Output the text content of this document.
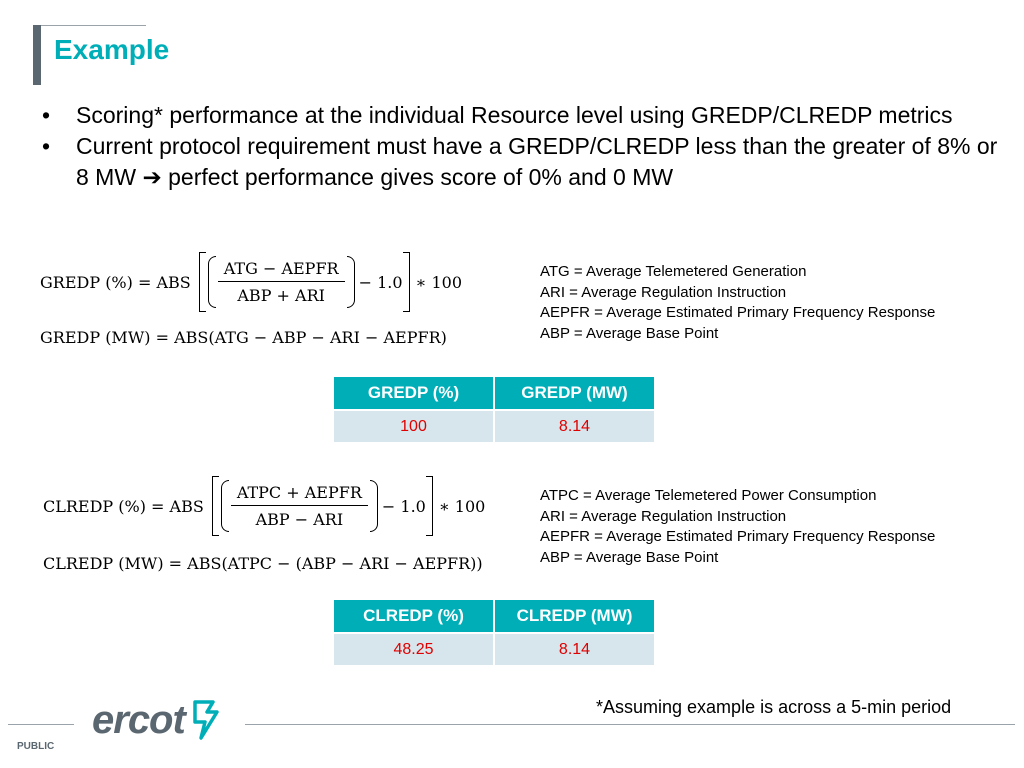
Example
• Scoring* performance at the individual Resource level using GREDP/CLREDP metrics
• Current protocol requirement must have a GREDP/CLREDP less than the greater of 8% or 8 MW ➔ perfect performance gives score of 0% and 0 MW
GREDP (%) = ABS $\frac{\text{ATG − AEPFR}}{\text{ABP + ARI}} - 1.0$ ∗ 100
GREDP (MW) = ABS(ATG − ABP − ARI − AEPFR)
ATG = Average Telemetered Generation
ARI = Average Regulation Instruction
AEPFR = Average Estimated Primary Frequency Response
ABP = Average Base Point
GREDP (%)	GREDP (MW)
100	8.14
CLREDP (%) = ABS $\frac{\text{ATPC + AEPFR}}{\text{ABP − ARI}} - 1.0$ ∗ 100
CLREDP (MW) = ABS(ATPC − (ABP − ARI − AEPFR))
ATPC = Average Telemetered Power Consumption
ARI = Average Regulation Instruction
AEPFR = Average Estimated Primary Frequency Response
ABP = Average Base Point
CLREDP (%)	CLREDP (MW)
48.25	8.14
*Assuming example is across a 5-min period
ercot
PUBLIC
